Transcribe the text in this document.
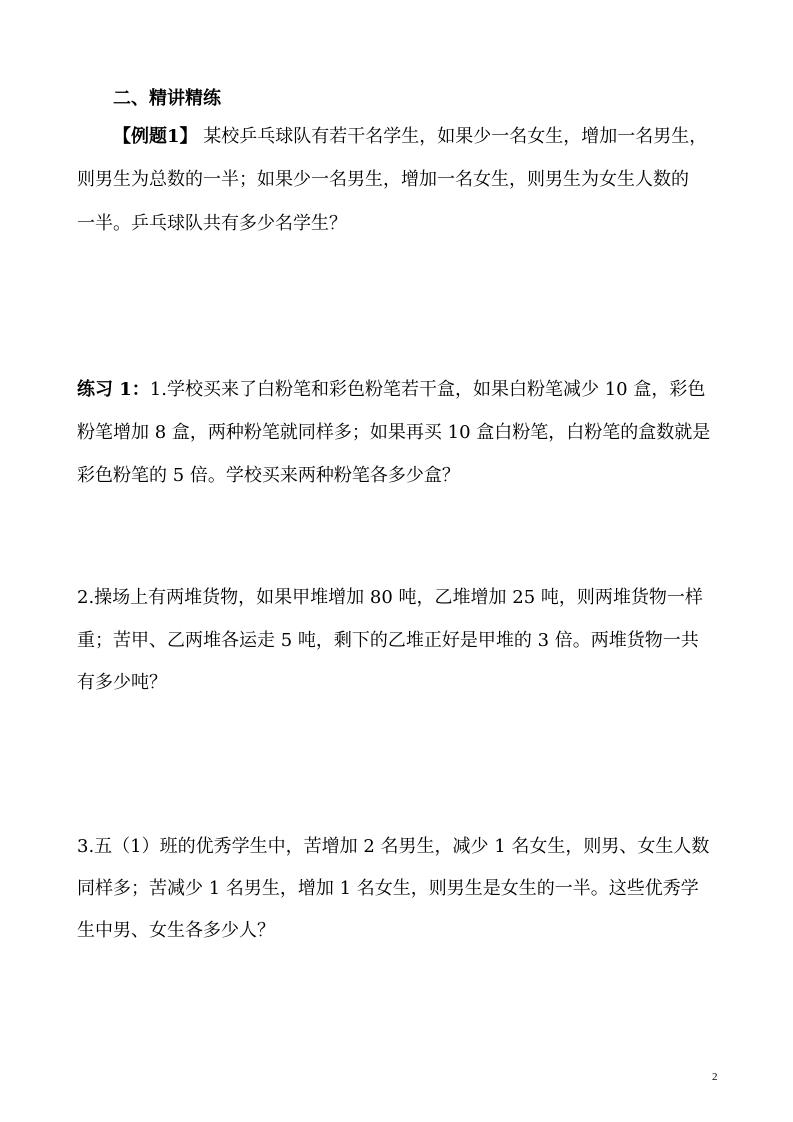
二、精讲精练
【例题1】 某校乒乓球队有若干名学生，如果少一名女生，增加一名男生，
则男生为总数的一半；如果少一名男生，增加一名女生，则男生为女生人数的
一半。乒乓球队共有多少名学生？
练习 1：1.学校买来了白粉笔和彩色粉笔若干盒，如果白粉笔减少 10 盒，彩色
粉笔增加 8 盒，两种粉笔就同样多；如果再买 10 盒白粉笔，白粉笔的盒数就是
彩色粉笔的 5 倍。学校买来两种粉笔各多少盒？
2.操场上有两堆货物，如果甲堆增加 80 吨，乙堆增加 25 吨，则两堆货物一样
重；苦甲、乙两堆各运走 5 吨，剩下的乙堆正好是甲堆的 3 倍。两堆货物一共
有多少吨？
3.五（1）班的优秀学生中，苦增加 2 名男生，减少 1 名女生，则男、女生人数
同样多；苦减少 1 名男生，增加 1 名女生，则男生是女生的一半。这些优秀学
生中男、女生各多少人？
2
